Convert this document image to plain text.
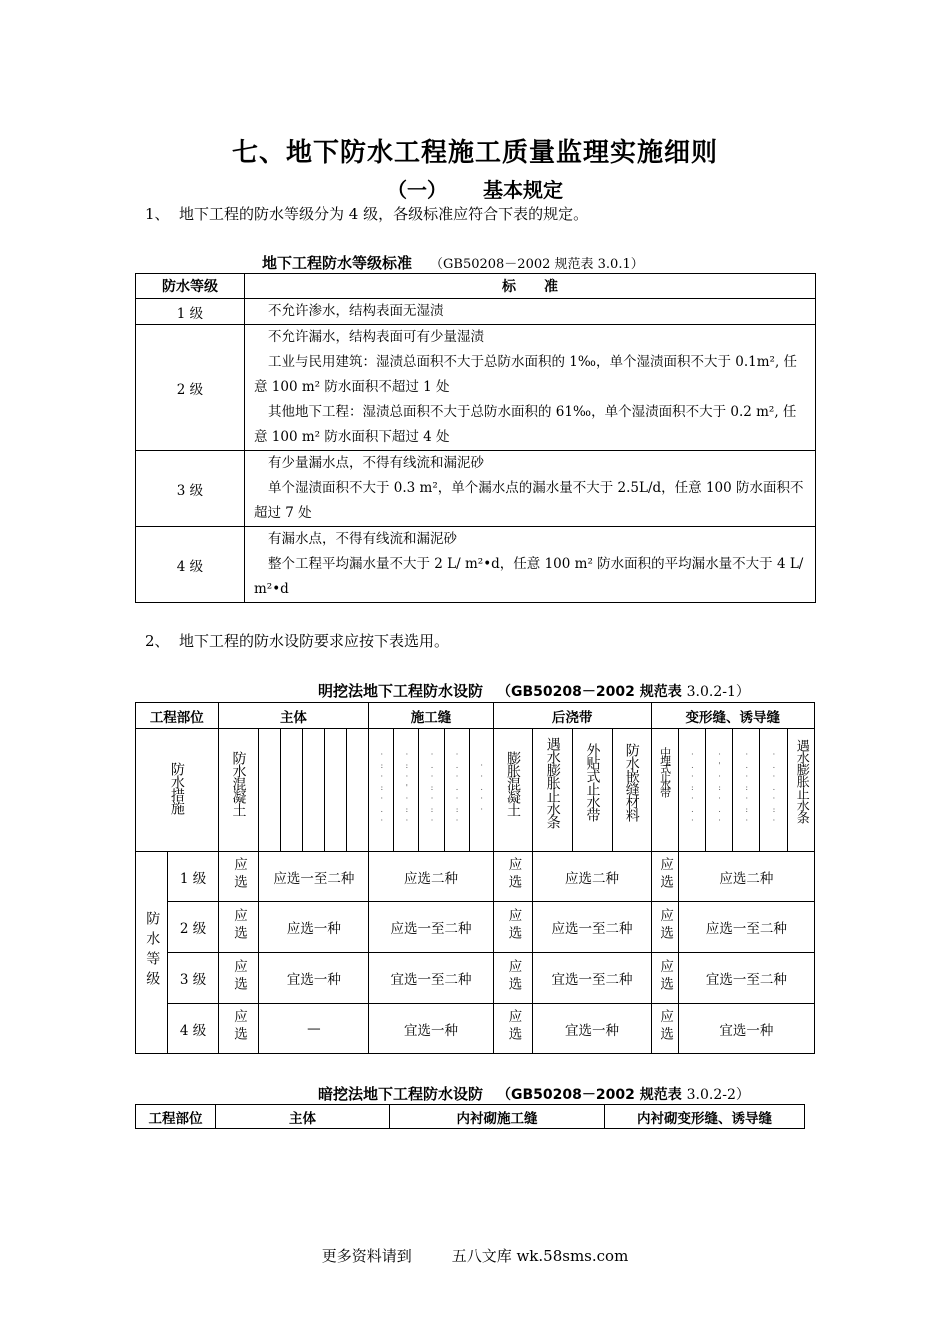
七、地下防水工程施工质量监理实施细则
（一） 基本规定
1、 地下工程的防水等级分为 4 级，各级标准应符合下表的规定。
地下工程防水等级标准 （GB50208－2002 规范表 3.0.1）
防水等级	标　　准
1 级	不允许渗水，结构表面无湿渍

2 级	不允许漏水，结构表面可有少量湿渍
工业与民用建筑：湿渍总面积不大于总防水面积的 1‰，单个湿渍面积不大于 0.1m², 任意 100 m² 防水面积不超过 1 处
其他地下工程：湿渍总面积不大于总防水面积的 61‰，单个湿渍面积不大于 0.2 m², 任意 100 m² 防水面积下超过 4 处

3 级	有少量漏水点，不得有线流和漏泥砂
单个湿渍面积不大于 0.3 m²，单个漏水点的漏水量不大于 2.5L/d，任意 100 防水面积不超过 7 处

4 级	有漏水点，不得有线流和漏泥砂
整个工程平均漏水量不大于 2 L/ m²•d，任意 100 m² 防水面积的平均漏水量不大于 4 L/ m²•d
2、 地下工程的防水设防要求应按下表选用。
明挖法地下工程防水设防 （GB50208－2002 规范表 3.0.2-1）
工程部位		主体						施工缝					后浇带				变形缝、诱导缝					
防水措施		防水混凝土						·:·:·.·	·:·'·:·	·.·:·:·	·.·.·:·	··.··	膨胀混凝土	遇水膨胀止水条	外贴式止水带	防水嵌缝材料	中埋式止水带	·.·:·.·	·'·:·.·	·.·:·:·	·.·.·:·	遇水膨胀止水条
防水等级	1 级	应选	应选一至二种					应选二种					应选	应选二种			应选	应选二种				
	2 级	应选	应选一种					应选一至二种					应选	应选一至二种			应选	应选一至二种				
	3 级	应选	宜选一种					宜选一至二种					应选	宜选一至二种			应选	宜选一至二种				
	4 级	应选	—					宜选一种					应选	宜选一种			应选	宜选一种				
暗挖法地下工程防水设防 （GB50208－2002 规范表 3.0.2-2）
工程部位	主体	内衬砌施工缝	内衬砌变形缝、诱导缝
更多资料请到	五八文库 wk.58sms.com
